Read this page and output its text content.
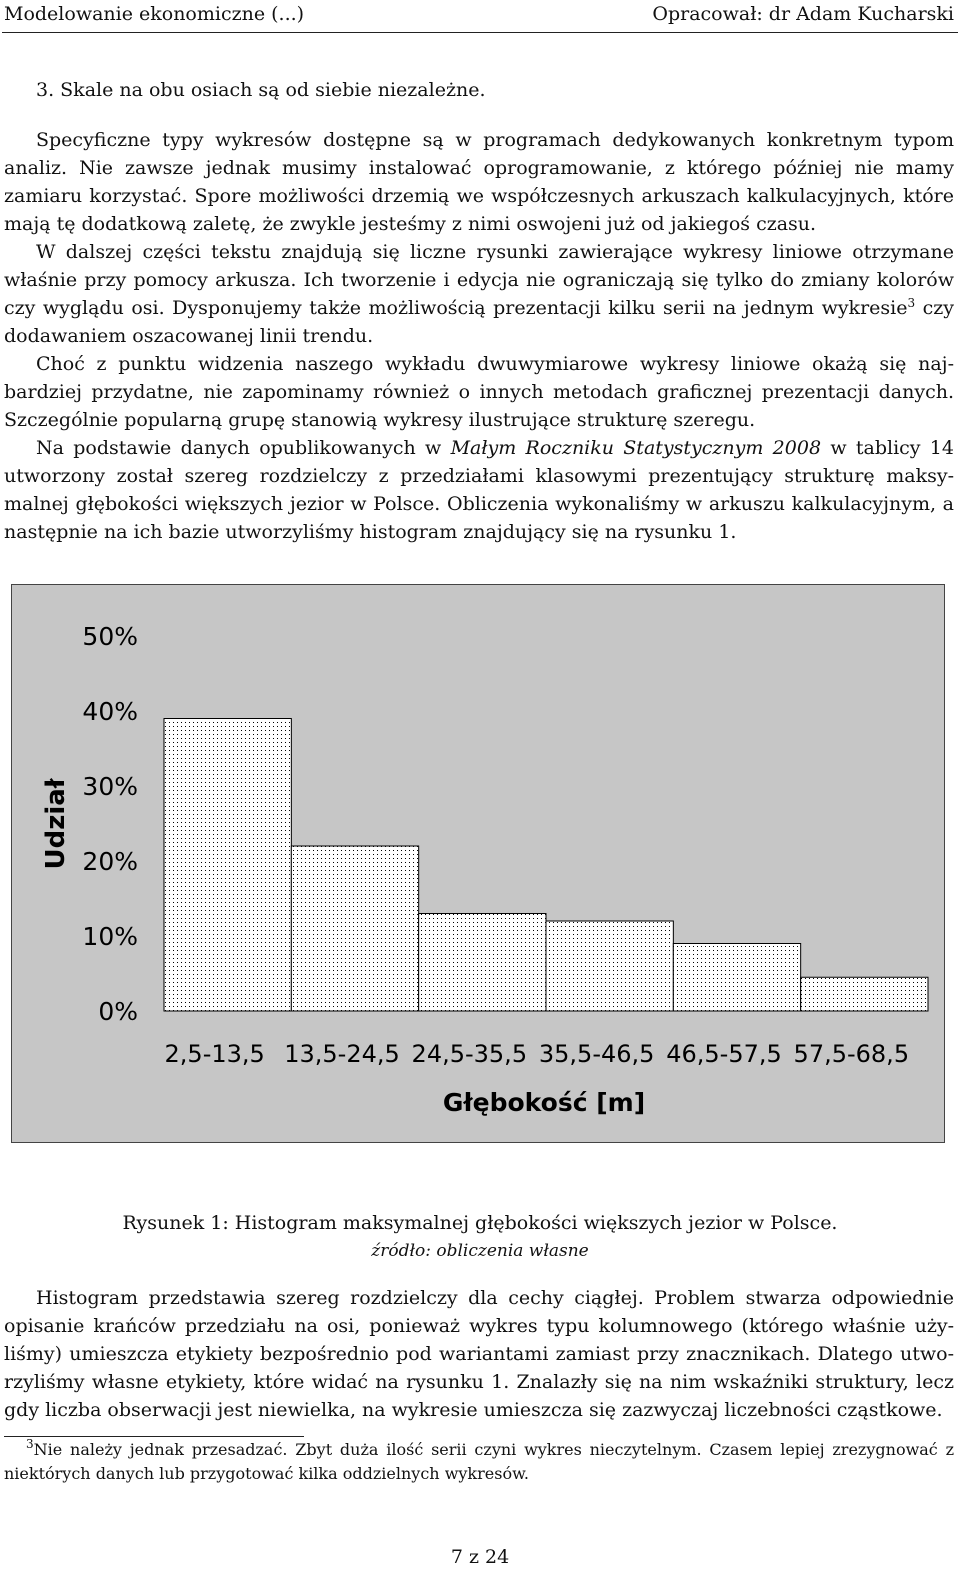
Modelowanie ekonomiczne (...)	Opracował: dr Adam Kucharski

3. Skale na obu osiach są od siebie niezależne.

Specyficzne typy wykresów dostępne są w programach dedykowanych konkretnym typom analiz. Nie zawsze jednak musimy instalować oprogramowanie, z którego później nie mamy zamiaru korzystać. Spore możliwości drzemią we współczesnych arkuszach kalkulacyjnych, które mają tę dodatkową zaletę, że zwykle jesteśmy z nimi oswojeni już od jakiegoś czasu.

W dalszej części tekstu znajdują się liczne rysunki zawierające wykresy liniowe otrzymane właśnie przy pomocy arkusza. Ich tworzenie i edycja nie ograniczają się tylko do zmiany kolorów czy wyglądu osi. Dysponujemy także możliwością prezentacji kilku serii na jednym wykresie$^3$ czy dodawaniem oszacowanej linii trendu.

Choć z punktu widzenia naszego wykładu dwuwymiarowe wykresy liniowe okażą się najbardziej przydatne, nie zapominamy również o innych metodach graficznej prezentacji danych. Szczególnie popularną grupę stanowią wykresy ilustrujące strukturę szeregu.

Na podstawie danych opublikowanych w Małym Roczniku Statystycznym 2008 w tablicy 14 utworzony został szereg rozdzielczy z przedziałami klasowymi prezentujący strukturę maksymalnej głębokości większych jezior w Polsce. Obliczenia wykonaliśmy w arkuszu kalkulacyjnym, a następnie na ich bazie utworzyliśmy histogram znajdujący się na rysunku 1.

0%
10%
20%
30%
40%
50%
2,5-13,5 13,5-24,5 24,5-35,5 35,5-46,5 46,5-57,5 57,5-68,5
Głębokość [m]
Udział
Rysunek 1: Histogram maksymalnej głębokości większych jezior w Polsce.
źródło: obliczenia własne

Histogram przedstawia szereg rozdzielczy dla cechy ciągłej. Problem stwarza odpowiednie opisanie krańców przedziału na osi, ponieważ wykres typu kolumnowego (którego właśnie użyliśmy) umieszcza etykiety bezpośrednio pod wariantami zamiast przy znacznikach. Dlatego utworzyliśmy własne etykiety, które widać na rysunku 1. Znalazły się na nim wskaźniki struktury, lecz gdy liczba obserwacji jest niewielka, na wykresie umieszcza się zazwyczaj liczebności cząstkowe.

$^3$Nie należy jednak przesadzać. Zbyt duża ilość serii czyni wykres nieczytelnym. Czasem lepiej zrezygnować z niektórych danych lub przygotować kilka oddzielnych wykresów.

7 z 24
